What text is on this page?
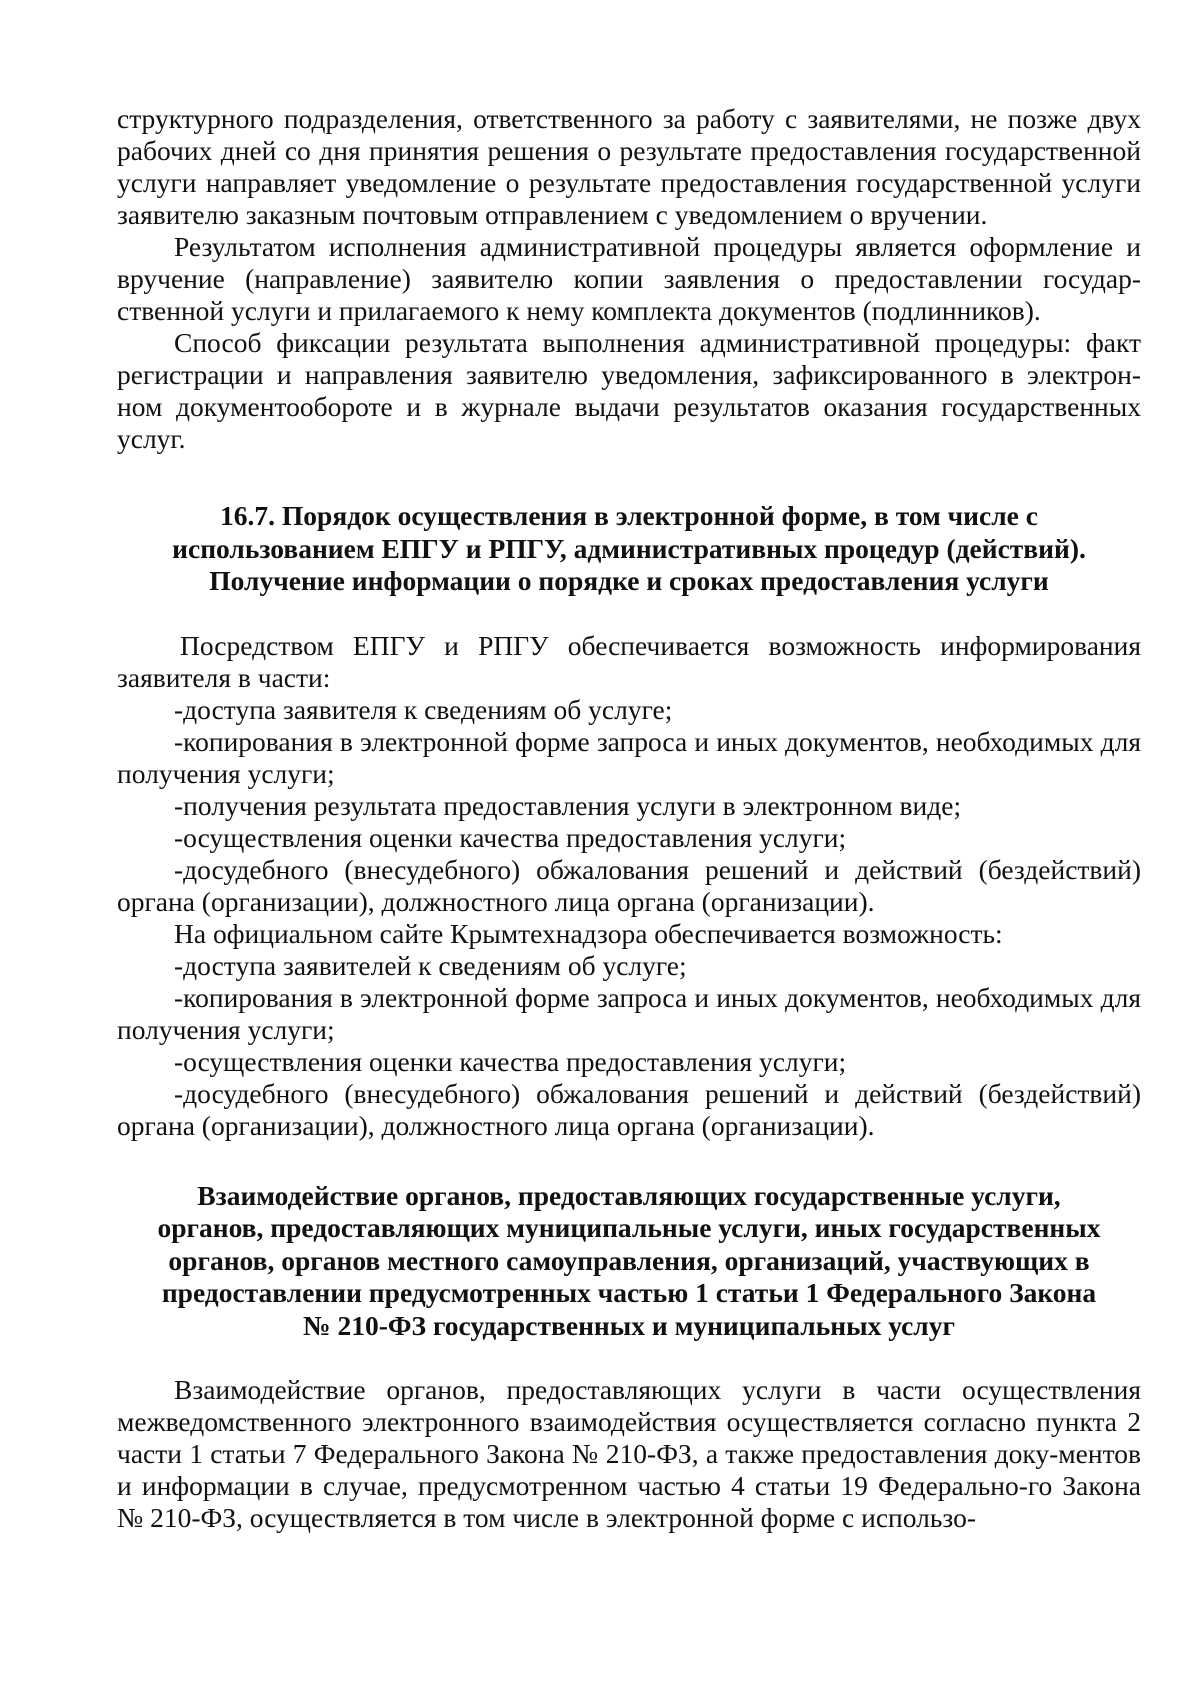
структурного подразделения, ответственного за работу с заявителями, не позже двух рабочих дней со дня принятия решения о результате предоставления государственной услуги направляет уведомление о результате предоставления государственной услуги заявителю заказным почтовым отправлением с уведомлением о вручении.

Результатом исполнения административной процедуры является оформление и вручение (направление) заявителю копии заявления о предоставлении государ-ственной услуги и прилагаемого к нему комплекта документов (подлинников).

Способ фиксации результата выполнения административной процедуры: факт регистрации и направления заявителю уведомления, зафиксированного в электрон-ном документообороте и в журнале выдачи результатов оказания государственных услуг.

16.7. Порядок осуществления в электронной форме, в том числе с
использованием ЕПГУ и РПГУ, административных процедур (действий).
Получение информации о порядке и сроках предоставления услуги

Посредством ЕПГУ и РПГУ обеспечивается возможность информирования заявителя в части:

-доступа заявителя к сведениям об услуге;

-копирования в электронной форме запроса и иных документов, необходимых для получения услуги;

-получения результата предоставления услуги в электронном виде;

-осуществления оценки качества предоставления услуги;

-досудебного (внесудебного) обжалования решений и действий (бездействий) органа (организации), должностного лица органа (организации).

На официальном сайте Крымтехнадзора обеспечивается возможность:

-доступа заявителей к сведениям об услуге;

-копирования в электронной форме запроса и иных документов, необходимых для получения услуги;

-осуществления оценки качества предоставления услуги;

-досудебного (внесудебного) обжалования решений и действий (бездействий) органа (организации), должностного лица органа (организации).

Взаимодействие органов, предоставляющих государственные услуги,
органов, предоставляющих муниципальные услуги, иных государственных
органов, органов местного самоуправления, организаций, участвующих в
предоставлении предусмотренных частью 1 статьи 1 Федерального Закона
№ 210-ФЗ государственных и муниципальных услуг

Взаимодействие органов, предоставляющих услуги в части осуществления межведомственного электронного взаимодействия осуществляется согласно пункта 2 части 1 статьи 7 Федерального Закона № 210-ФЗ, а также предоставления доку-ментов и информации в случае, предусмотренном частью 4 статьи 19 Федерально-го Закона № 210-ФЗ, осуществляется в том числе в электронной форме с использо-
